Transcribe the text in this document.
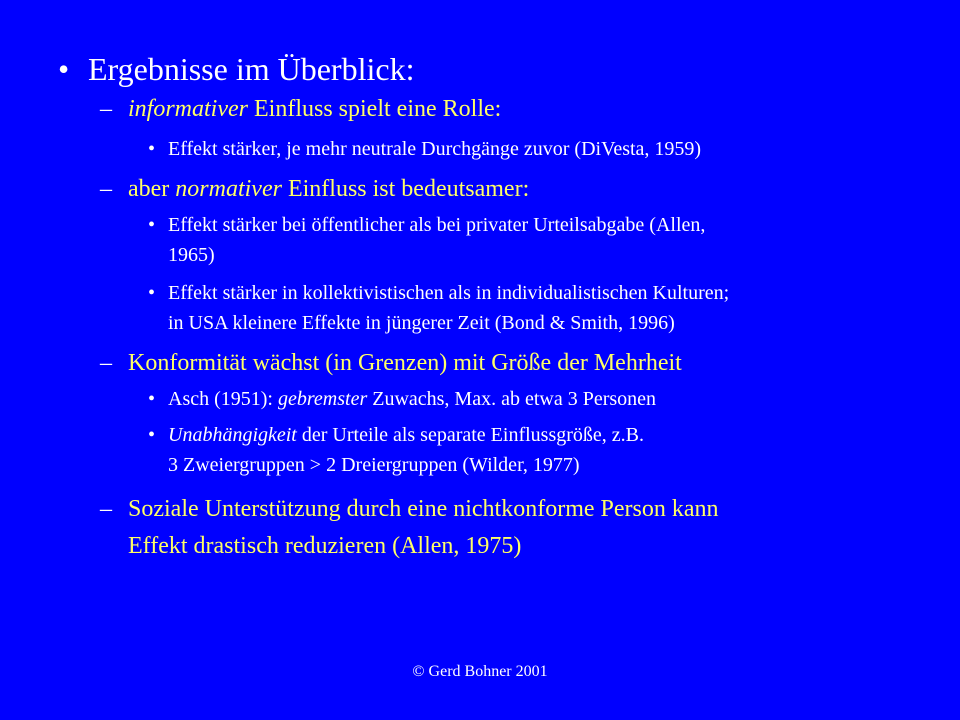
• Ergebnisse im Überblick:
– informativer Einfluss spielt eine Rolle:
• Effekt stärker, je mehr neutrale Durchgänge zuvor (DiVesta, 1959)
– aber normativer Einfluss ist bedeutsamer:
• Effekt stärker bei öffentlicher als bei privater Urteilsabgabe (Allen,
1965)
• Effekt stärker in kollektivistischen als in individualistischen Kulturen;
in USA kleinere Effekte in jüngerer Zeit (Bond & Smith, 1996)
– Konformität wächst (in Grenzen) mit Größe der Mehrheit
• Asch (1951): gebremster Zuwachs, Max. ab etwa 3 Personen
• Unabhängigkeit der Urteile als separate Einflussgröße, z.B.
3 Zweiergruppen > 2 Dreiergruppen (Wilder, 1977)
– Soziale Unterstützung durch eine nichtkonforme Person kann
Effekt drastisch reduzieren (Allen, 1975)
© Gerd Bohner 2001
